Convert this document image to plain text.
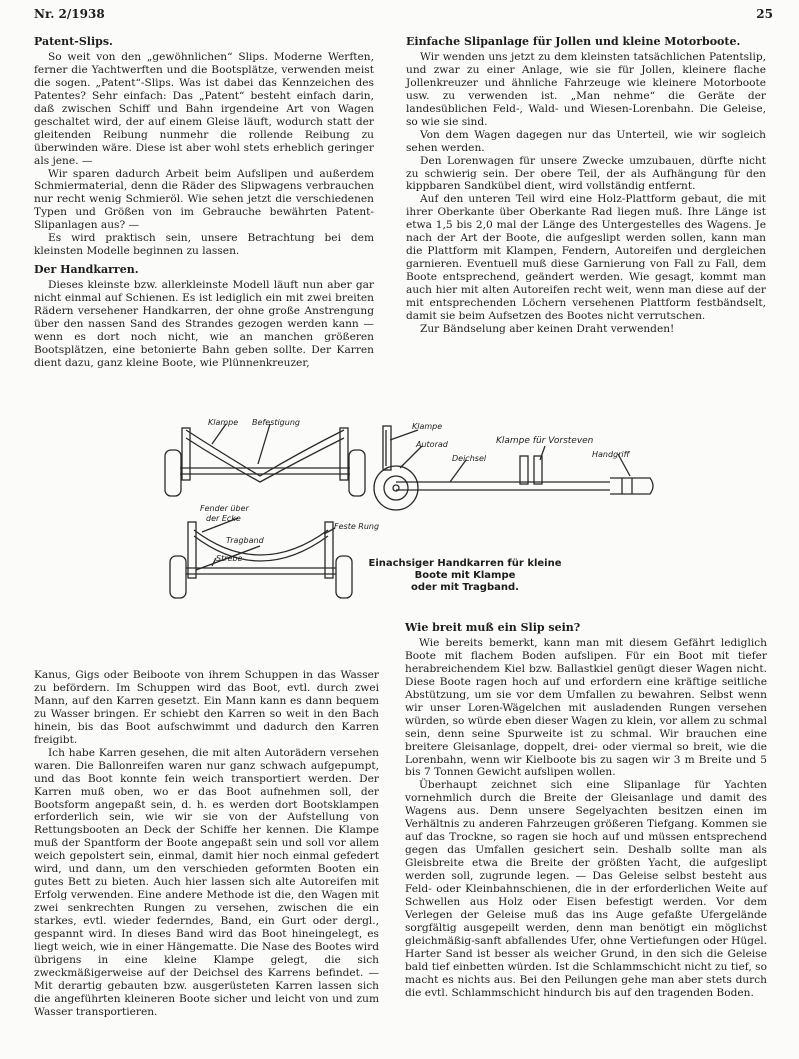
Nr. 2/1938	25
Patent-Slips.

So weit von den „gewöhnlichen“ Slips. Moderne Werften, ferner die Yachtwerften und die Bootsplätze, verwenden meist die sogen. „Patent“-Slips. Was ist dabei das Kennzeichen des Patentes? Sehr einfach: Das „Patent“ besteht einfach darin, daß zwischen Schiff und Bahn irgendeine Art von Wagen geschaltet wird, der auf einem Gleise läuft, wodurch statt der gleitenden Reibung nunmehr die rollende Reibung zu überwinden wäre. Diese ist aber wohl stets erheblich geringer als jene. —

Wir sparen dadurch Arbeit beim Aufslipen und außerdem Schmiermaterial, denn die Räder des Slipwagens verbrauchen nur recht wenig Schmieröl. Wie sehen jetzt die verschiedenen Typen und Größen von im Gebrauche bewährten Patent-Slipanlagen aus? —

Es wird praktisch sein, unsere Betrachtung bei dem kleinsten Modelle beginnen zu lassen.

Der Handkarren.

Dieses kleinste bzw. allerkleinste Modell läuft nun aber gar nicht einmal auf Schienen. Es ist lediglich ein mit zwei breiten Rädern versehener Handkarren, der ohne große Anstrengung über den nassen Sand des Strandes gezogen werden kann — wenn es dort noch nicht, wie an manchen größeren Bootsplätzen, eine betonierte Bahn geben sollte. Der Karren dient dazu, ganz kleine Boote, wie Plünnenkreuzer,

Einfache Slipanlage für Jollen und kleine Motorboote.

Wir wenden uns jetzt zu dem kleinsten tatsächlichen Patentslip, und zwar zu einer Anlage, wie sie für Jollen, kleinere flache Jollenkreuzer und ähnliche Fahrzeuge wie kleinere Motorboote usw. zu verwenden ist. „Man nehme“ die Geräte der landesüblichen Feld-, Wald- und Wiesen-Lorenbahn. Die Geleise, so wie sie sind.

Von dem Wagen dagegen nur das Unterteil, wie wir sogleich sehen werden.

Den Lorenwagen für unsere Zwecke umzubauen, dürfte nicht zu schwierig sein. Der obere Teil, der als Aufhängung für den kippbaren Sandkübel dient, wird vollständig entfernt.

Auf den unteren Teil wird eine Holz-Plattform gebaut, die mit ihrer Oberkante über Oberkante Rad liegen muß. Ihre Länge ist etwa 1,5 bis 2,0 mal der Länge des Untergestelles des Wagens. Je nach der Art der Boote, die aufgeslipt werden sollen, kann man die Plattform mit Klampen, Fendern, Autoreifen und dergleichen garnieren. Eventuell muß diese Garnierung von Fall zu Fall, dem Boote entsprechend, geändert werden. Wie gesagt, kommt man auch hier mit alten Autoreifen recht weit, wenn man diese auf der mit entsprechenden Löchern versehenen Plattform festbändselt, damit sie beim Aufsetzen des Bootes nicht verrutschen.

Zur Bändselung aber keinen Draht verwenden!

Klampe Befestigung	Klampe
Autorad
Deichsel
Klampe für Vorsteven
Handgriff
Fender über
der Ecke
Tragband
Strebe
Feste Rung
Einachsiger Handkarren für kleine Boote mit Klampe
oder mit Tragband.

Kanus, Gigs oder Beiboote von ihrem Schuppen in das Wasser zu befördern. Im Schuppen wird das Boot, evtl. durch zwei Mann, auf den Karren gesetzt. Ein Mann kann es dann bequem zu Wasser bringen. Er schiebt den Karren so weit in den Bach hinein, bis das Boot aufschwimmt und dadurch den Karren freigibt.

Ich habe Karren gesehen, die mit alten Autorädern versehen waren. Die Ballonreifen waren nur ganz schwach aufgepumpt, und das Boot konnte fein weich transportiert werden. Der Karren muß oben, wo er das Boot aufnehmen soll, der Bootsform angepaßt sein, d. h. es werden dort Bootsklampen erforderlich sein, wie wir sie von der Aufstellung von Rettungsbooten an Deck der Schiffe her kennen. Die Klampe muß der Spantform der Boote angepaßt sein und soll vor allem weich gepolstert sein, einmal, damit hier noch einmal gefedert wird, und dann, um den verschieden geformten Booten ein gutes Bett zu bieten. Auch hier lassen sich alte Autoreifen mit Erfolg verwenden. Eine andere Methode ist die, den Wagen mit zwei senkrechten Rungen zu versehen, zwischen die ein starkes, evtl. wieder federndes, Band, ein Gurt oder dergl., gespannt wird. In dieses Band wird das Boot hineingelegt, es liegt weich, wie in einer Hängematte. Die Nase des Bootes wird übrigens in eine kleine Klampe gelegt, die sich zweckmäßigerweise auf der Deichsel des Karrens befindet. — Mit derartig gebauten bzw. ausgerüsteten Karren lassen sich die angeführten kleineren Boote sicher und leicht von und zum Wasser transportieren.

Wie breit muß ein Slip sein?

Wie bereits bemerkt, kann man mit diesem Gefährt lediglich Boote mit flachem Boden aufslipen. Für ein Boot mit tiefer herabreichendem Kiel bzw. Ballastkiel genügt dieser Wagen nicht. Diese Boote ragen hoch auf und erfordern eine kräftige seitliche Abstützung, um sie vor dem Umfallen zu bewahren. Selbst wenn wir unser Loren-Wägelchen mit ausladenden Rungen versehen würden, so würde eben dieser Wagen zu klein, vor allem zu schmal sein, denn seine Spurweite ist zu schmal. Wir brauchen eine breitere Gleisanlage, doppelt, drei- oder viermal so breit, wie die Lorenbahn, wenn wir Kielboote bis zu sagen wir 3 m Breite und 5 bis 7 Tonnen Gewicht aufslipen wollen.

Überhaupt zeichnet sich eine Slipanlage für Yachten vornehmlich durch die Breite der Gleisanlage und damit des Wagens aus. Denn unsere Segelyachten besitzen einen im Verhältnis zu anderen Fahrzeugen größeren Tiefgang. Kommen sie auf das Trockne, so ragen sie hoch auf und müssen entsprechend gegen das Umfallen gesichert sein. Deshalb sollte man als Gleisbreite etwa die Breite der größten Yacht, die aufgeslipt werden soll, zugrunde legen. — Das Geleise selbst besteht aus Feld- oder Kleinbahnschienen, die in der erforderlichen Weite auf Schwellen aus Holz oder Eisen befestigt werden. Vor dem Verlegen der Geleise muß das ins Auge gefaßte Ufergelände sorgfältig ausgepeilt werden, denn man benötigt ein möglichst gleichmäßig-sanft abfallendes Ufer, ohne Vertiefungen oder Hügel. Harter Sand ist besser als weicher Grund, in den sich die Geleise bald tief einbetten würden. Ist die Schlammschicht nicht zu tief, so macht es nichts aus. Bei den Peilungen gehe man aber stets durch die evtl. Schlammschicht hindurch bis auf den tragenden Boden.
